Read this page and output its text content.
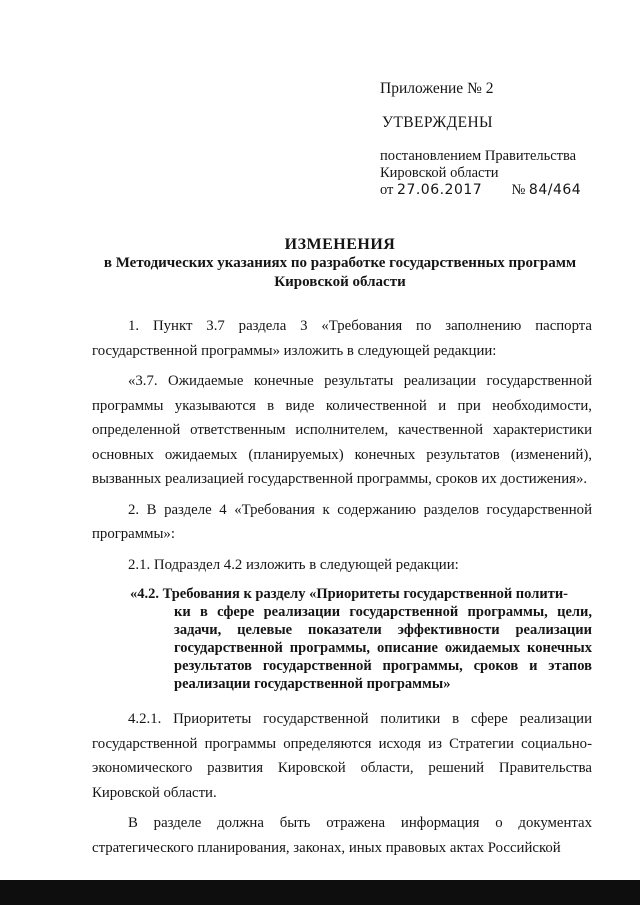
Приложение № 2
УТВЕРЖДЕНЫ
постановлением Правительства
Кировской области
от 27.06.2017 № 84/464
ИЗМЕНЕНИЯ
в Методических указаниях по разработке государственных программ
Кировской области

1. Пункт 3.7 раздела 3 «Требования по заполнению паспорта государственной программы» изложить в следующей редакции:

«3.7. Ожидаемые конечные результаты реализации государственной программы указываются в виде количественной и при необходимости, определенной ответственным исполнителем, качественной характеристики основных ожидаемых (планируемых) конечных результатов (изменений), вызванных реализацией государственной программы, сроков их достижения».

2. В разделе 4 «Требования к содержанию разделов государственной программы»:

2.1. Подраздел 4.2 изложить в следующей редакции:

«4.2. Требования к разделу «Приоритеты государственной полити-
ки в сфере реализации государственной программы, цели, задачи, целевые показатели эффективности реализации государственной программы, описание ожидаемых конечных результатов государственной программы, сроков и этапов реализации государственной программы»

4.2.1. Приоритеты государственной политики в сфере реализации государственной программы определяются исходя из Стратегии социально-экономического развития Кировской области, решений Правительства Кировской области.

В разделе должна быть отражена информация о документах стратегического планирования, законах, иных правовых актах Российской
